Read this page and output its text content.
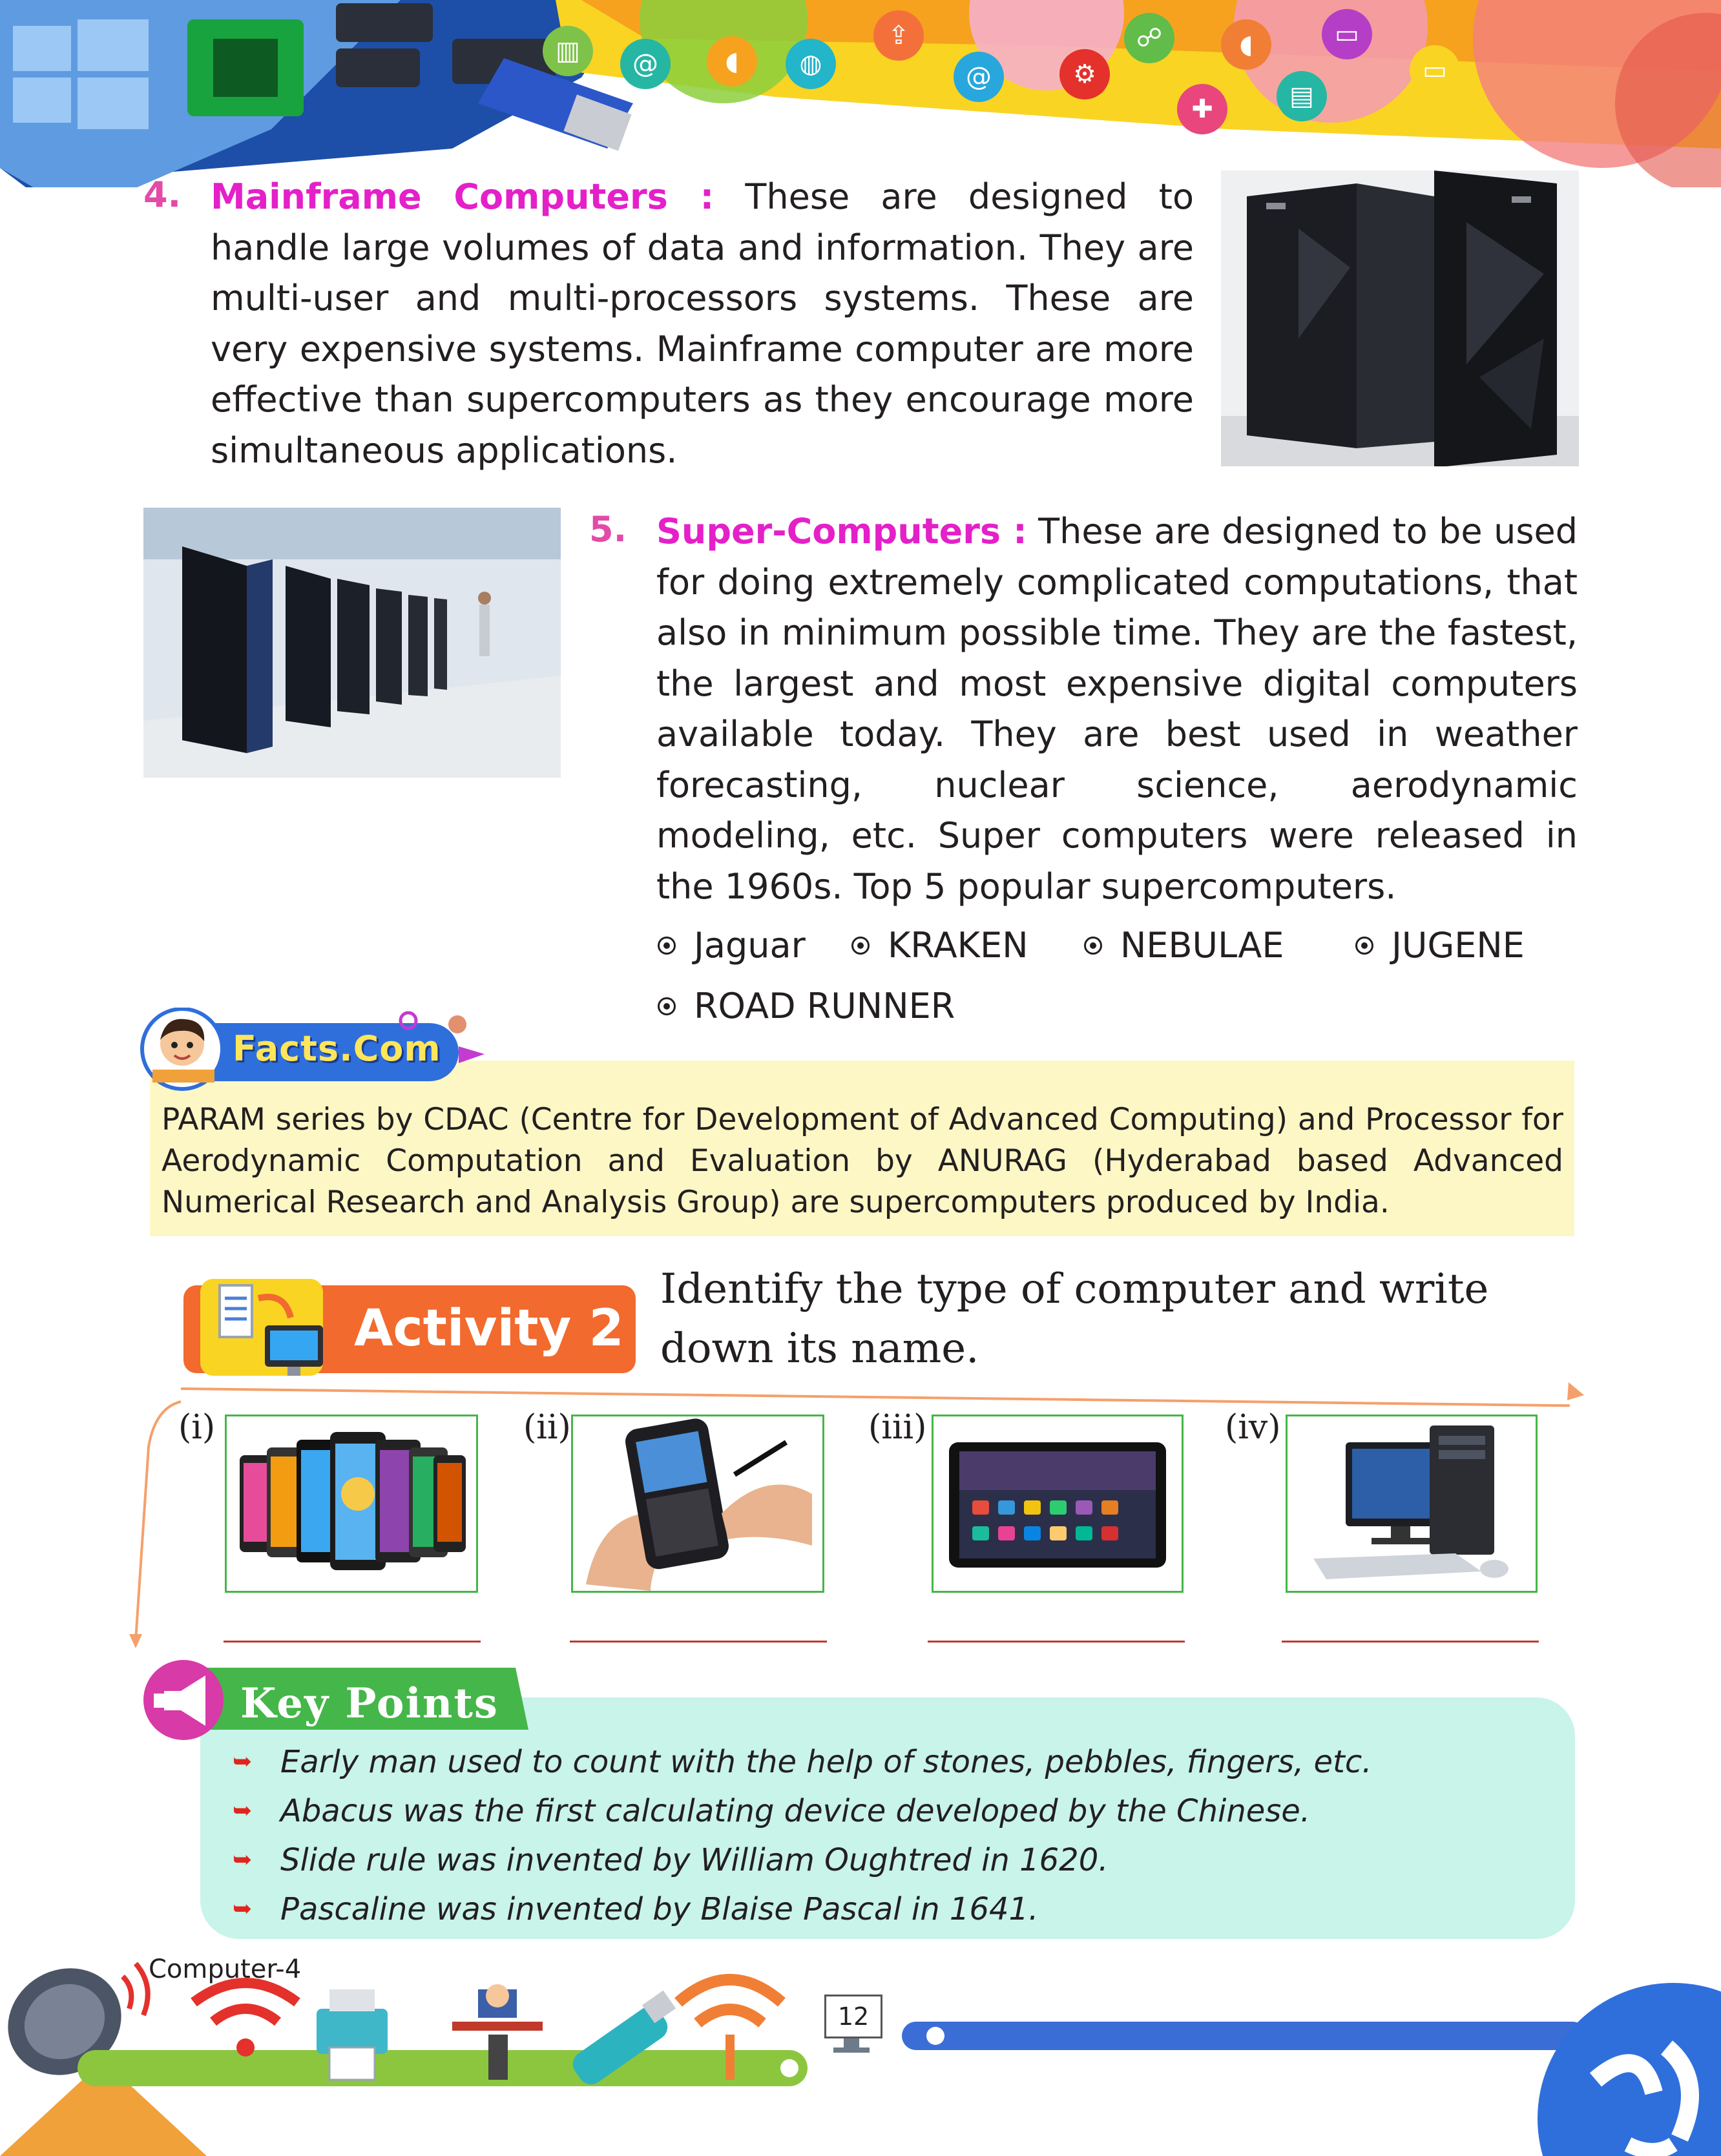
▥	@	◖	◍
⇪
@	⚙
☍	◖	▭
✚	▤
▭
4. Mainframe Computers : These are designed to handle large volumes of data and information. They are multi-user and multi-processors systems. These are very expensive systems. Mainframe computer are more effective than supercomputers as they encourage more simultaneous applications.
5. Super-Computers : These are designed to be used for doing extremely complicated computations, that also in minimum possible time. They are the fastest, the largest and most expensive digital computers available today. They are best used in weather forecasting, nuclear science, aerodynamic modeling, etc. Super computers were released in the 1960s. Top 5 popular supercomputers.
Jaguar KRAKEN	NEBULAE	JUGENE
ROAD RUNNER
Facts.Com
PARAM series by CDAC (Centre for Development of Advanced Computing) and Processor for Aerodynamic Computation and Evaluation by ANURAG (Hyderabad based Advanced Numerical Research and Analysis Group) are supercomputers produced by India.
Activity 2
Identify the type of computer and write down its name.
(i)	(ii)	(iii)	(iv)
Key Points
➥ Early man used to count with the help of stones, pebbles, fingers, etc.
➥ Abacus was the first calculating device developed by the Chinese.
➥ Slide rule was invented by William Oughtred in 1620.
➥ Pascaline was invented by Blaise Pascal in 1641.
Computer-4
12
